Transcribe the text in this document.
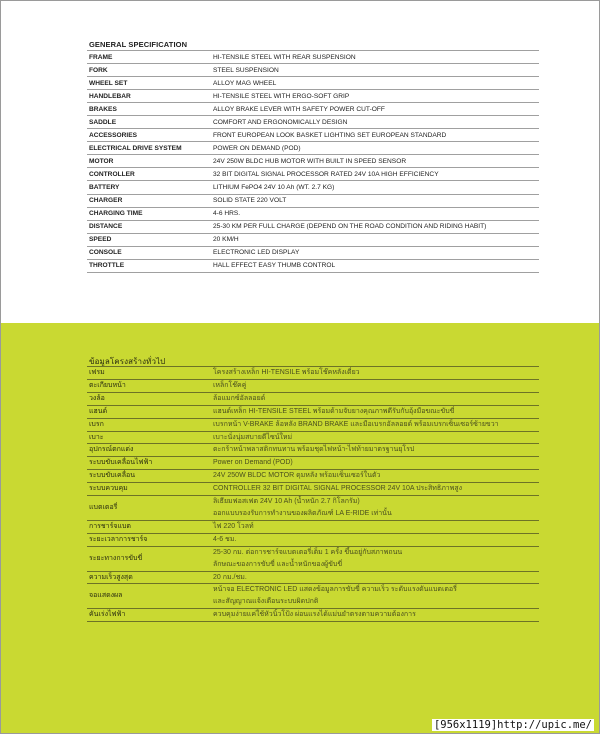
GENERAL SPECIFICATION
FRAME	HI-TENSILE STEEL WITH REAR SUSPENSION
FORK	STEEL SUSPENSION
WHEEL SET	ALLOY MAG WHEEL
HANDLEBAR	HI-TENSILE STEEL WITH ERGO-SOFT GRIP
BRAKES	ALLOY BRAKE LEVER WITH SAFETY POWER CUT-OFF
SADDLE	COMFORT AND ERGONOMICALLY DESIGN
ACCESSORIES	FRONT EUROPEAN LOOK BASKET LIGHTING SET EUROPEAN STANDARD
ELECTRICAL DRIVE SYSTEM	POWER ON DEMAND (POD)
MOTOR	24V 250W BLDC HUB MOTOR WITH BUILT IN SPEED SENSOR
CONTROLLER	32 BIT DIGITAL SIGNAL PROCESSOR RATED 24V 10A HIGH EFFICIENCY
BATTERY	LITHIUM FePO4 24V 10 Ah (WT. 2.7 KG)
CHARGER	SOLID STATE 220 VOLT
CHARGING TIME	4-6 HRS.
DISTANCE	25-30 KM PER FULL CHARGE (DEPEND ON THE ROAD CONDITION AND RIDING HABIT)
SPEED	20 KM/H
CONSOLE	ELECTRONIC LED DISPLAY
THROTTLE	HALL EFFECT EASY THUMB CONTROL
ข้อมูลโครงสร้างทั่วไป
เฟรม	โครงสร้างเหล็ก HI-TENSILE พร้อมโช๊คหลังเดี่ยว

ตะเกียบหน้า	เหล็กโช๊คคู่

วงล้อ	ล้อแมกซ์อัลลอยด์

แฮนด์	แฮนด์เหล็ก HI-TENSILE STEEL พร้อมด้ามจับยางคุณภาพดีรับกับอุ้งมือขณะขับขี่

เบรก	เบรกหน้า V-BRAKE ล้อหลัง BRAND BRAKE และมือเบรกอัลลอยด์ พร้อมเบรกเซ็นเซอร์ซ้ายขวา

เบาะ	เบาะนั่งนุ่มสบายดีไซน์ใหม่

อุปกรณ์ตกแต่ง	ตะกร้าหน้าพลาสติกทนทาน พร้อมชุดไฟหน้า-ไฟท้ายมาตรฐานยุโรป

ระบบขับเคลื่อนไฟฟ้า	Power on Demand (POD)

ระบบขับเคลื่อน	24V 250W BLDC MOTOR ดุมหลัง พร้อมเซ็นเซอร์ในตัว

ระบบควบคุม	CONTROLLER 32 BIT DIGITAL SIGNAL PROCESSOR 24V 10A ประสิทธิภาพสูง

แบตเตอรี่	ลิเธียมฟอสเฟต 24V 10 Ah (น้ำหนัก 2.7 กิโลกรัม)
ออกแบบรองรับการทำงานของผลิตภัณฑ์ LA E-RIDE เท่านั้น

การชาร์จแบต	ไฟ 220 โวลท์

ระยะเวลาการชาร์จ	4-6 ชม.

ระยะทางการขับขี่	25-30 กม. ต่อการชาร์จแบตเตอรี่เต็ม 1 ครั้ง ขึ้นอยู่กับสภาพถนน
ลักษณะของการขับขี่ และน้ำหนักของผู้ขับขี่

ความเร็วสูงสุด	20 กม./ชม.

จอแสดงผล	หน้าจอ ELECTRONIC LED แสดงข้อมูลการขับขี่ ความเร็ว ระดับแรงดันแบตเตอรี่
และสัญญาณแจ้งเตือนระบบผิดปกติ

คันเร่งไฟฟ้า	ควบคุมง่ายแค่ใช้หัวนิ้วโป้ง ผ่อนแรงได้แม่นยำตรงตามความต้องการ
[956x1119]http://upic.me/
